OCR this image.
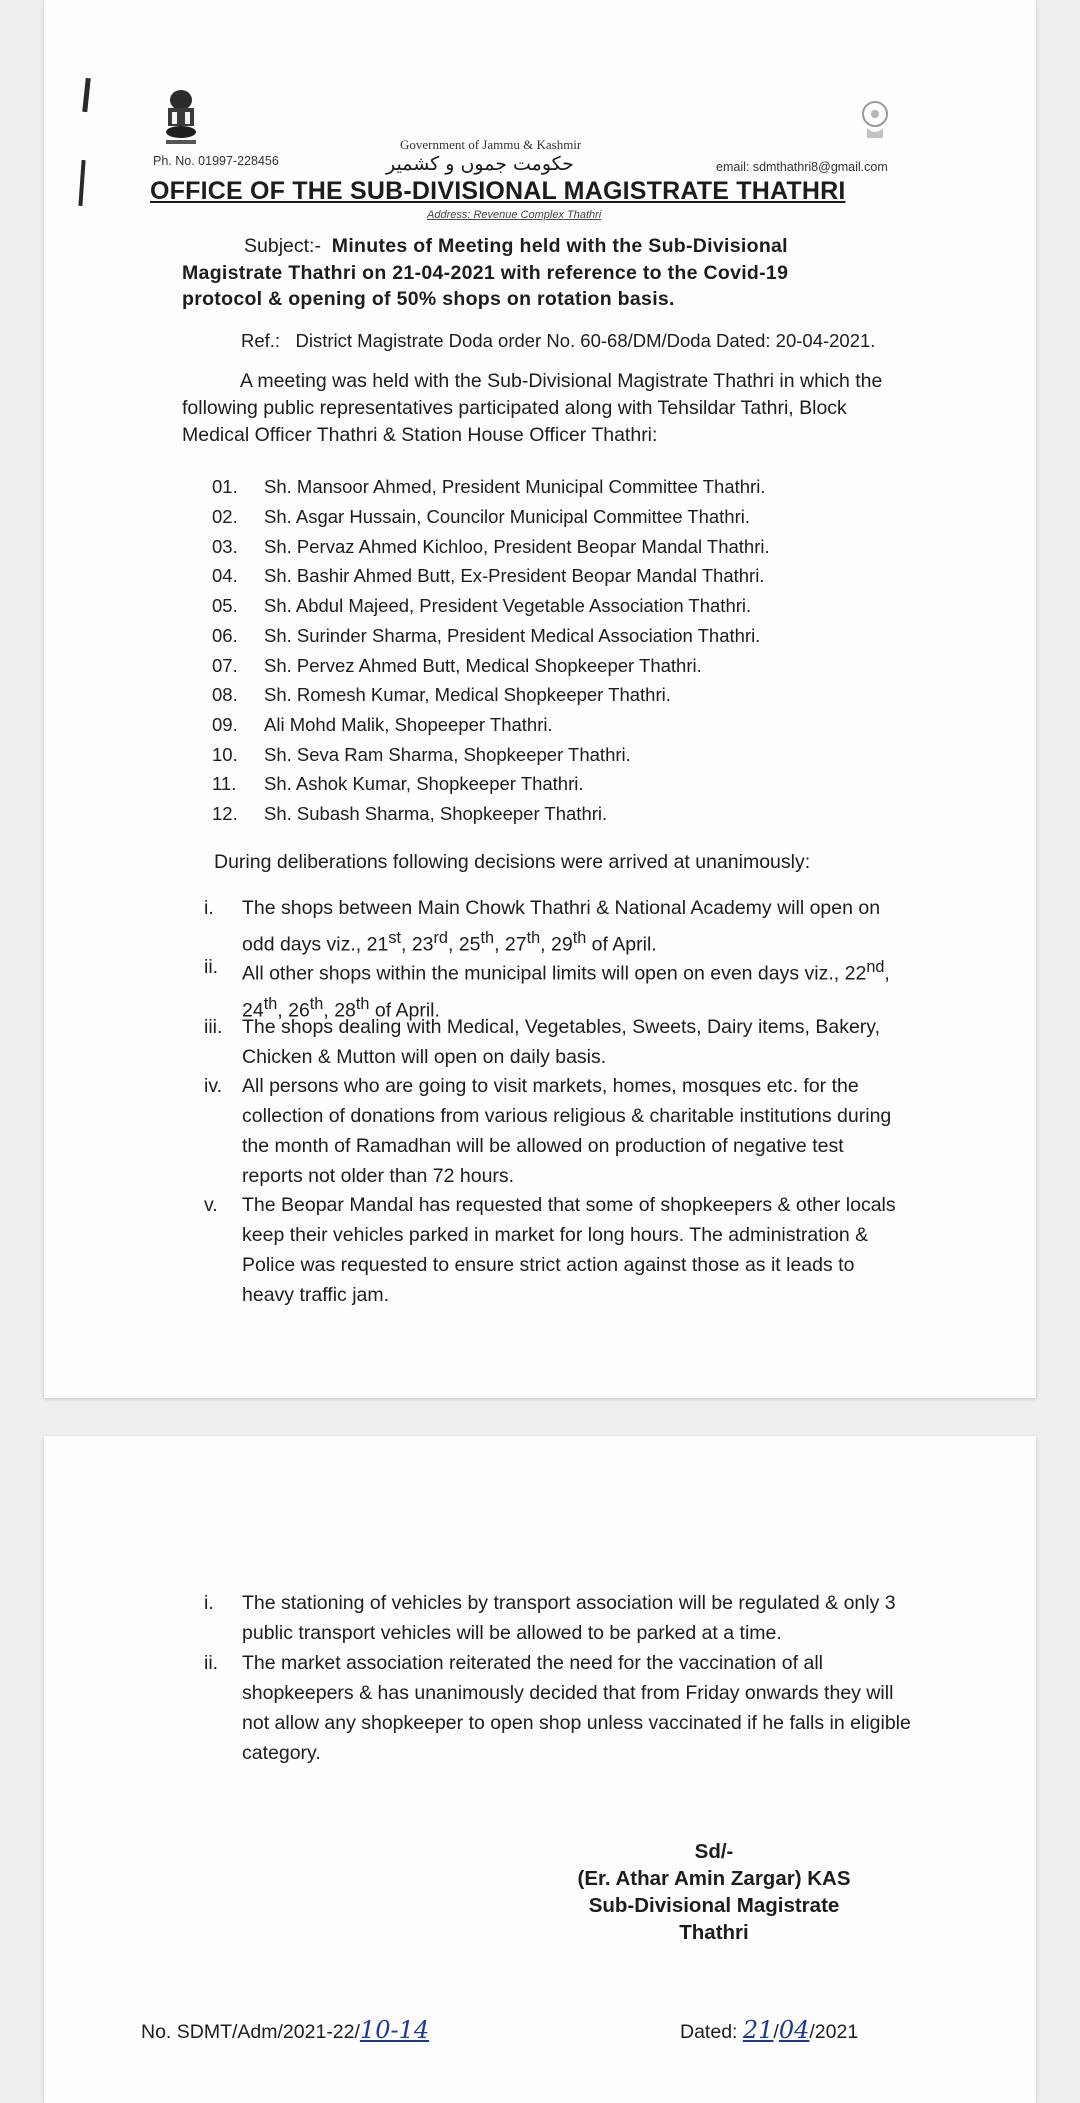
Government of Jammu & Kashmir
حکومت جموں و کشمیر
Ph. No. 01997-228456	email: sdmthathri8@gmail.com
OFFICE OF THE SUB-DIVISIONAL MAGISTRATE THATHRI
Address: Revenue Complex Thathri
Subject:- Minutes of Meeting held with the Sub-Divisional
Magistrate Thathri on 21-04-2021 with reference to the Covid-19
protocol & opening of 50% shops on rotation basis.
Ref.: District Magistrate Doda order No. 60-68/DM/Doda Dated: 20-04-2021.
A meeting was held with the Sub-Divisional Magistrate Thathri in which the
following public representatives participated along with Tehsildar Tathri, Block
Medical Officer Thathri & Station House Officer Thathri:
01. Sh. Mansoor Ahmed, President Municipal Committee Thathri.
02. Sh. Asgar Hussain, Councilor Municipal Committee Thathri.
03. Sh. Pervaz Ahmed Kichloo, President Beopar Mandal Thathri.
04. Sh. Bashir Ahmed Butt, Ex-President Beopar Mandal Thathri.
05. Sh. Abdul Majeed, President Vegetable Association Thathri.
06. Sh. Surinder Sharma, President Medical Association Thathri.
07. Sh. Pervez Ahmed Butt, Medical Shopkeeper Thathri.
08. Sh. Romesh Kumar, Medical Shopkeeper Thathri.
09. Ali Mohd Malik, Shopeeper Thathri.
10. Sh. Seva Ram Sharma, Shopkeeper Thathri.
11. Sh. Ashok Kumar, Shopkeeper Thathri.
12. Sh. Subash Sharma, Shopkeeper Thathri.
During deliberations following decisions were arrived at unanimously:
i. The shops between Main Chowk Thathri & National Academy will open on
odd days viz., 21st, 23rd, 25th, 27th, 29th of April.
ii. All other shops within the municipal limits will open on even days viz., 22nd,
24th, 26th, 28th of April.
iii. The shops dealing with Medical, Vegetables, Sweets, Dairy items, Bakery,
Chicken & Mutton will open on daily basis.
iv. All persons who are going to visit markets, homes, mosques etc. for the
collection of donations from various religious & charitable institutions during
the month of Ramadhan will be allowed on production of negative test
reports not older than 72 hours.
v. The Beopar Mandal has requested that some of shopkeepers & other locals
keep their vehicles parked in market for long hours. The administration &
Police was requested to ensure strict action against those as it leads to
heavy traffic jam.
i. The stationing of vehicles by transport association will be regulated & only 3
public transport vehicles will be allowed to be parked at a time.
ii. The market association reiterated the need for the vaccination of all
shopkeepers & has unanimously decided that from Friday onwards they will
not allow any shopkeeper to open shop unless vaccinated if he falls in eligible
category.
Sd/-
(Er. Athar Amin Zargar) KAS
Sub-Divisional Magistrate
Thathri
No. SDMT/Adm/2021-22/10-14	Dated: 21/04/2021
